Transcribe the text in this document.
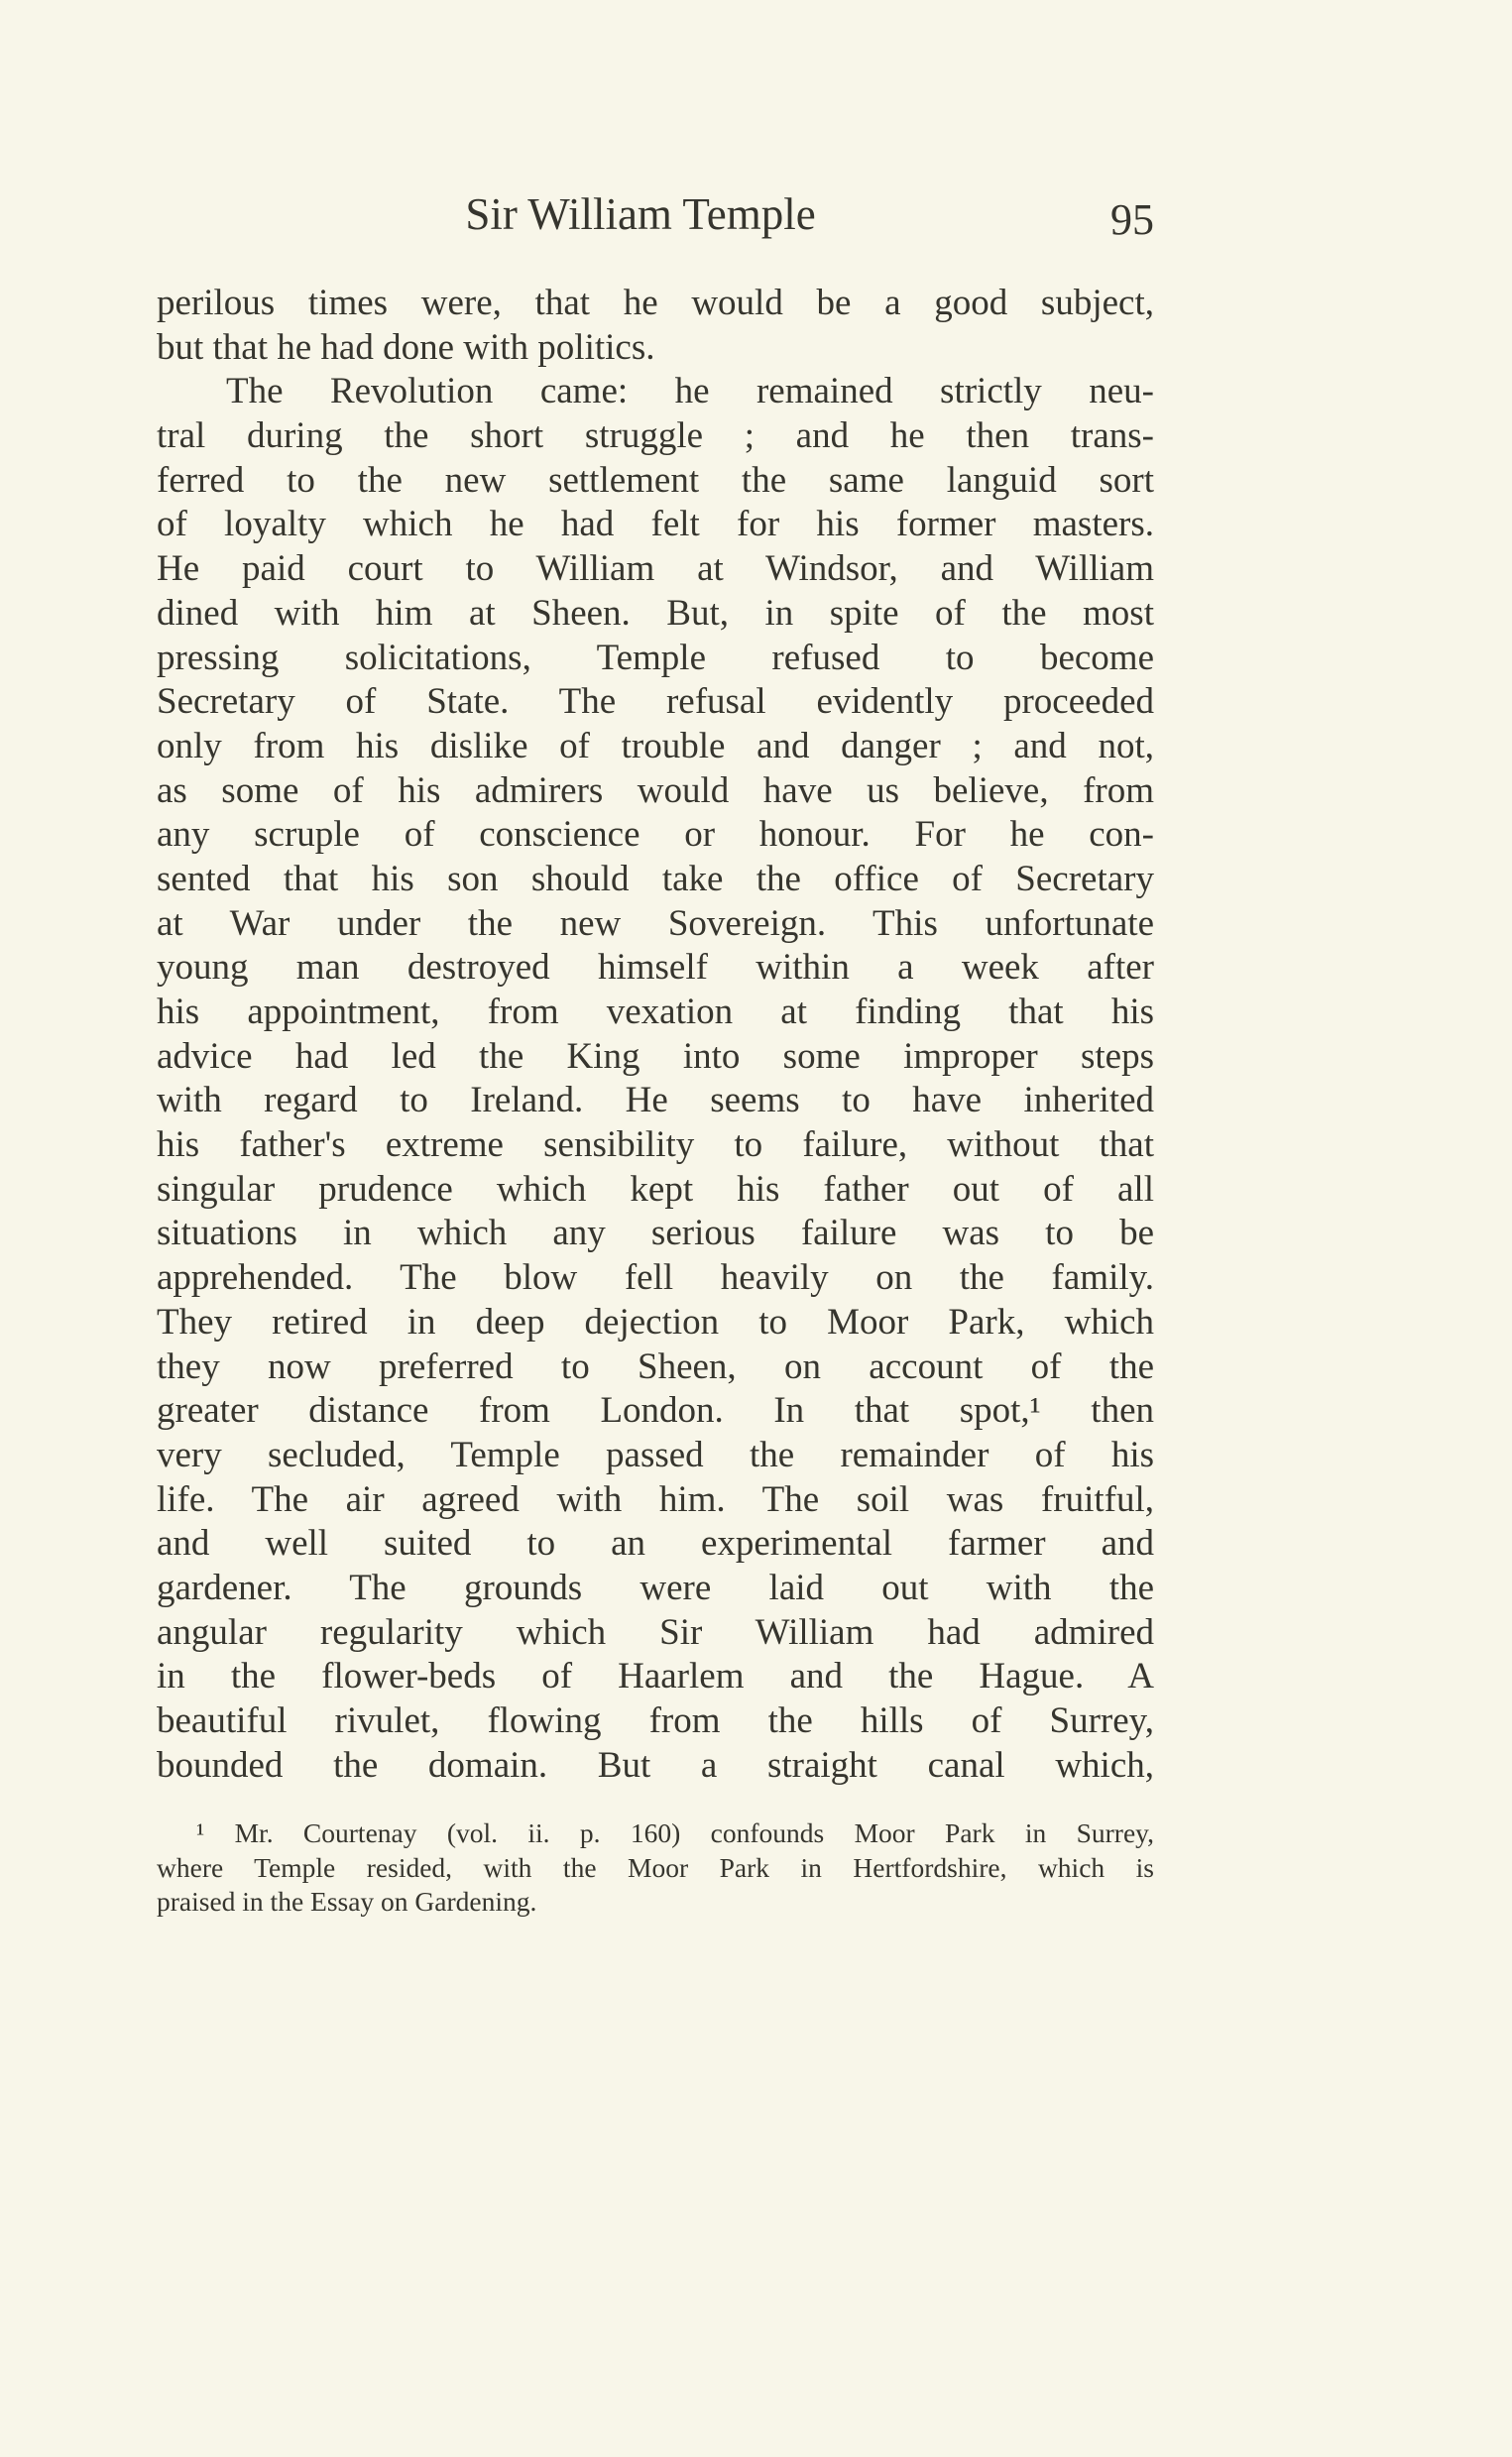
Sir William Temple	95
perilous times were, that he would be a good subject,
but that he had done with politics.
The Revolution came: he remained strictly neu-
tral during the short struggle ; and he then trans-
ferred to the new settlement the same languid sort
of loyalty which he had felt for his former masters.
He paid court to William at Windsor, and William
dined with him at Sheen. But, in spite of the most
pressing solicitations, Temple refused to become
Secretary of State. The refusal evidently proceeded
only from his dislike of trouble and danger ; and not,
as some of his admirers would have us believe, from
any scruple of conscience or honour. For he con-
sented that his son should take the office of Secretary
at War under the new Sovereign. This unfortunate
young man destroyed himself within a week after
his appointment, from vexation at finding that his
advice had led the King into some improper steps
with regard to Ireland. He seems to have inherited
his father's extreme sensibility to failure, without that
singular prudence which kept his father out of all
situations in which any serious failure was to be
apprehended. The blow fell heavily on the family.
They retired in deep dejection to Moor Park, which
they now preferred to Sheen, on account of the
greater distance from London. In that spot,¹ then
very secluded, Temple passed the remainder of his
life. The air agreed with him. The soil was fruitful,
and well suited to an experimental farmer and
gardener. The grounds were laid out with the
angular regularity which Sir William had admired
in the flower-beds of Haarlem and the Hague. A
beautiful rivulet, flowing from the hills of Surrey,
bounded the domain. But a straight canal which,
¹ Mr. Courtenay (vol. ii. p. 160) confounds Moor Park in Surrey,
where Temple resided, with the Moor Park in Hertfordshire, which is
praised in the Essay on Gardening.
